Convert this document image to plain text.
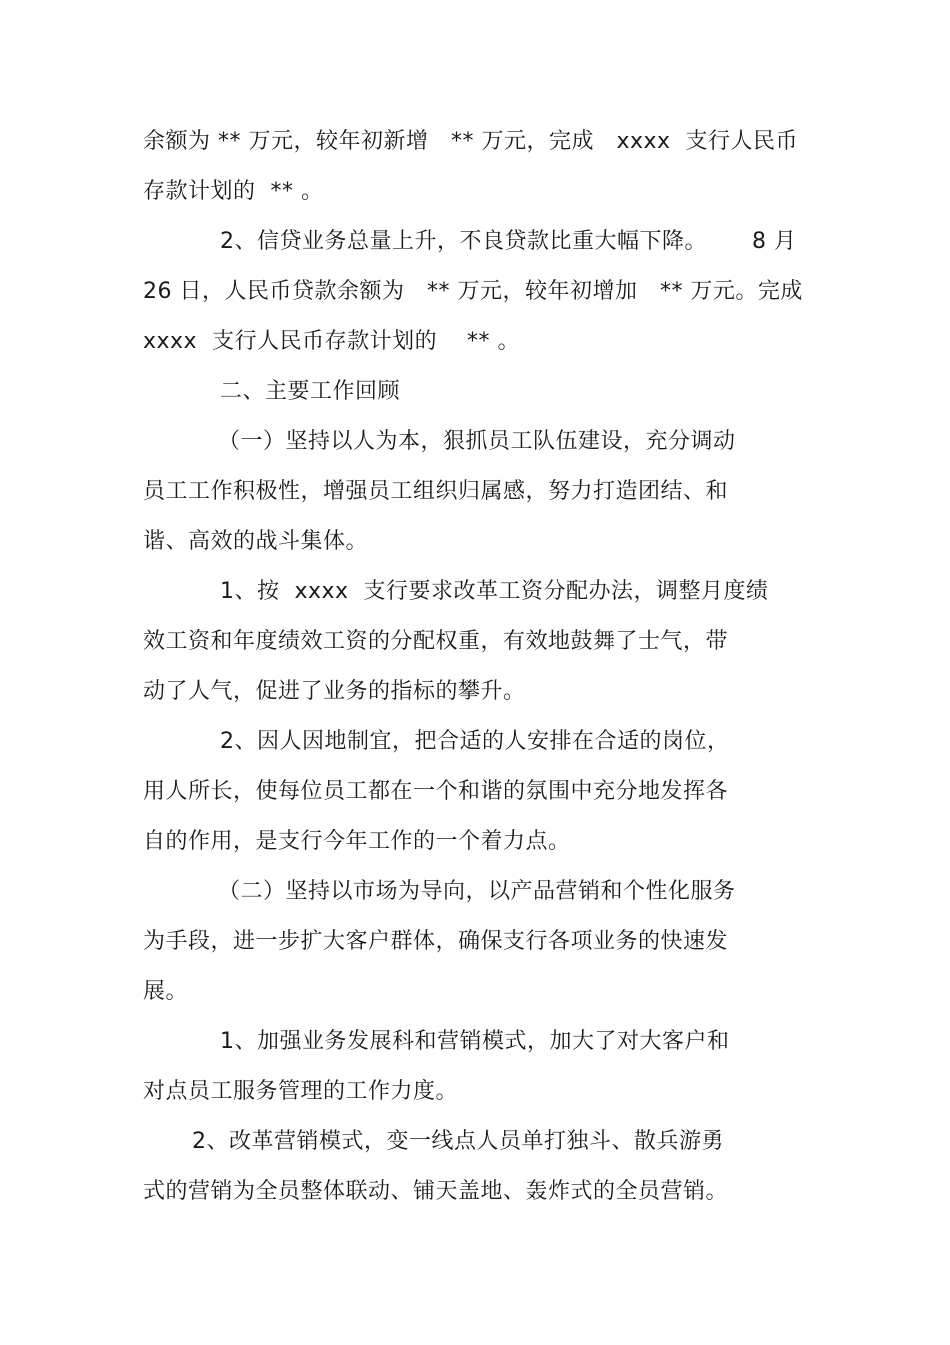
余额为 ** 万元，较年初新增   ** 万元，完成   xxxx  支行人民币
存款计划的  ** 。
2、信贷业务总量上升，不良贷款比重大幅下降。      8 月
26 日，人民币贷款余额为   ** 万元，较年初增加   ** 万元。完成
xxxx  支行人民币存款计划的    ** 。
二、主要工作回顾
（一）坚持以人为本，狠抓员工队伍建设，充分调动
员工工作积极性，增强员工组织归属感，努力打造团结、和
谐、高效的战斗集体。
1、按  xxxx  支行要求改革工资分配办法，调整月度绩
效工资和年度绩效工资的分配权重，有效地鼓舞了士气，带
动了人气，促进了业务的指标的攀升。
2、因人因地制宜，把合适的人安排在合适的岗位，
用人所长，使每位员工都在一个和谐的氛围中充分地发挥各
自的作用，是支行今年工作的一个着力点。
（二）坚持以市场为导向，以产品营销和个性化服务
为手段，进一步扩大客户群体，确保支行各项业务的快速发
展。
1、加强业务发展科和营销模式，加大了对大客户和
对点员工服务管理的工作力度。
2、改革营销模式，变一线点人员单打独斗、散兵游勇
式的营销为全员整体联动、铺天盖地、轰炸式的全员营销。
